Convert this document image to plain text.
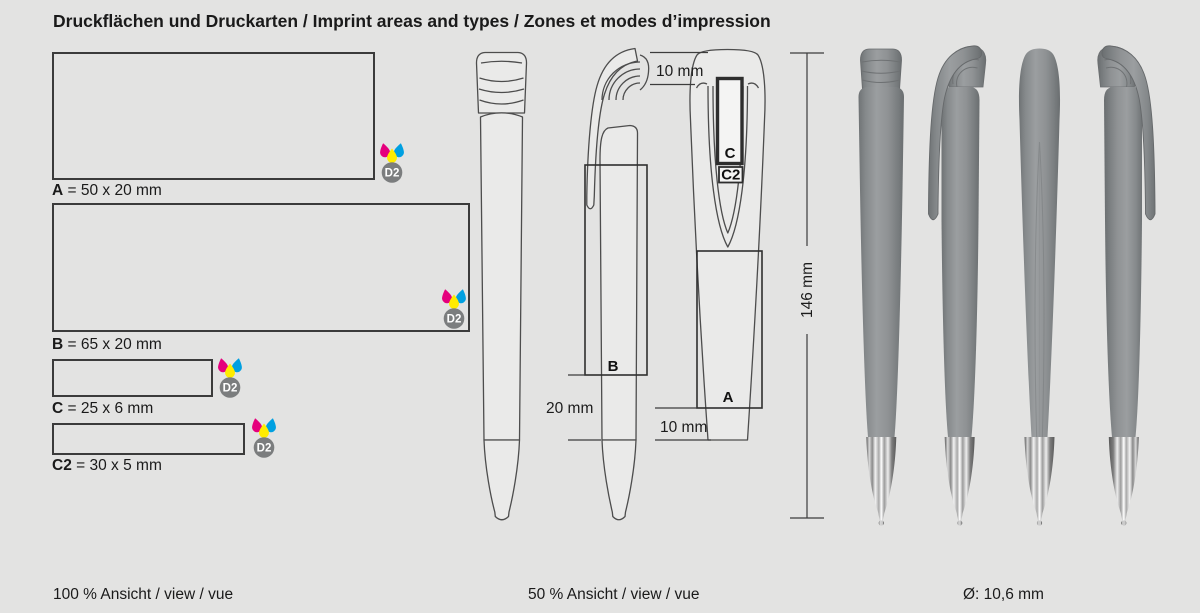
Druckflächen und Druckarten / Imprint areas and types / Zones et modes d’impression
A = 50 x 20 mm
B = 65 x 20 mm
C = 25 x 6 mm
C2 = 30 x 5 mm
D2
D2
D2
D2
C
C2
B
A
10 mm
20 mm
10 mm
146 mm
100 % Ansicht / view / vue	50 % Ansicht / view / vue	Ø: 10,6 mm
